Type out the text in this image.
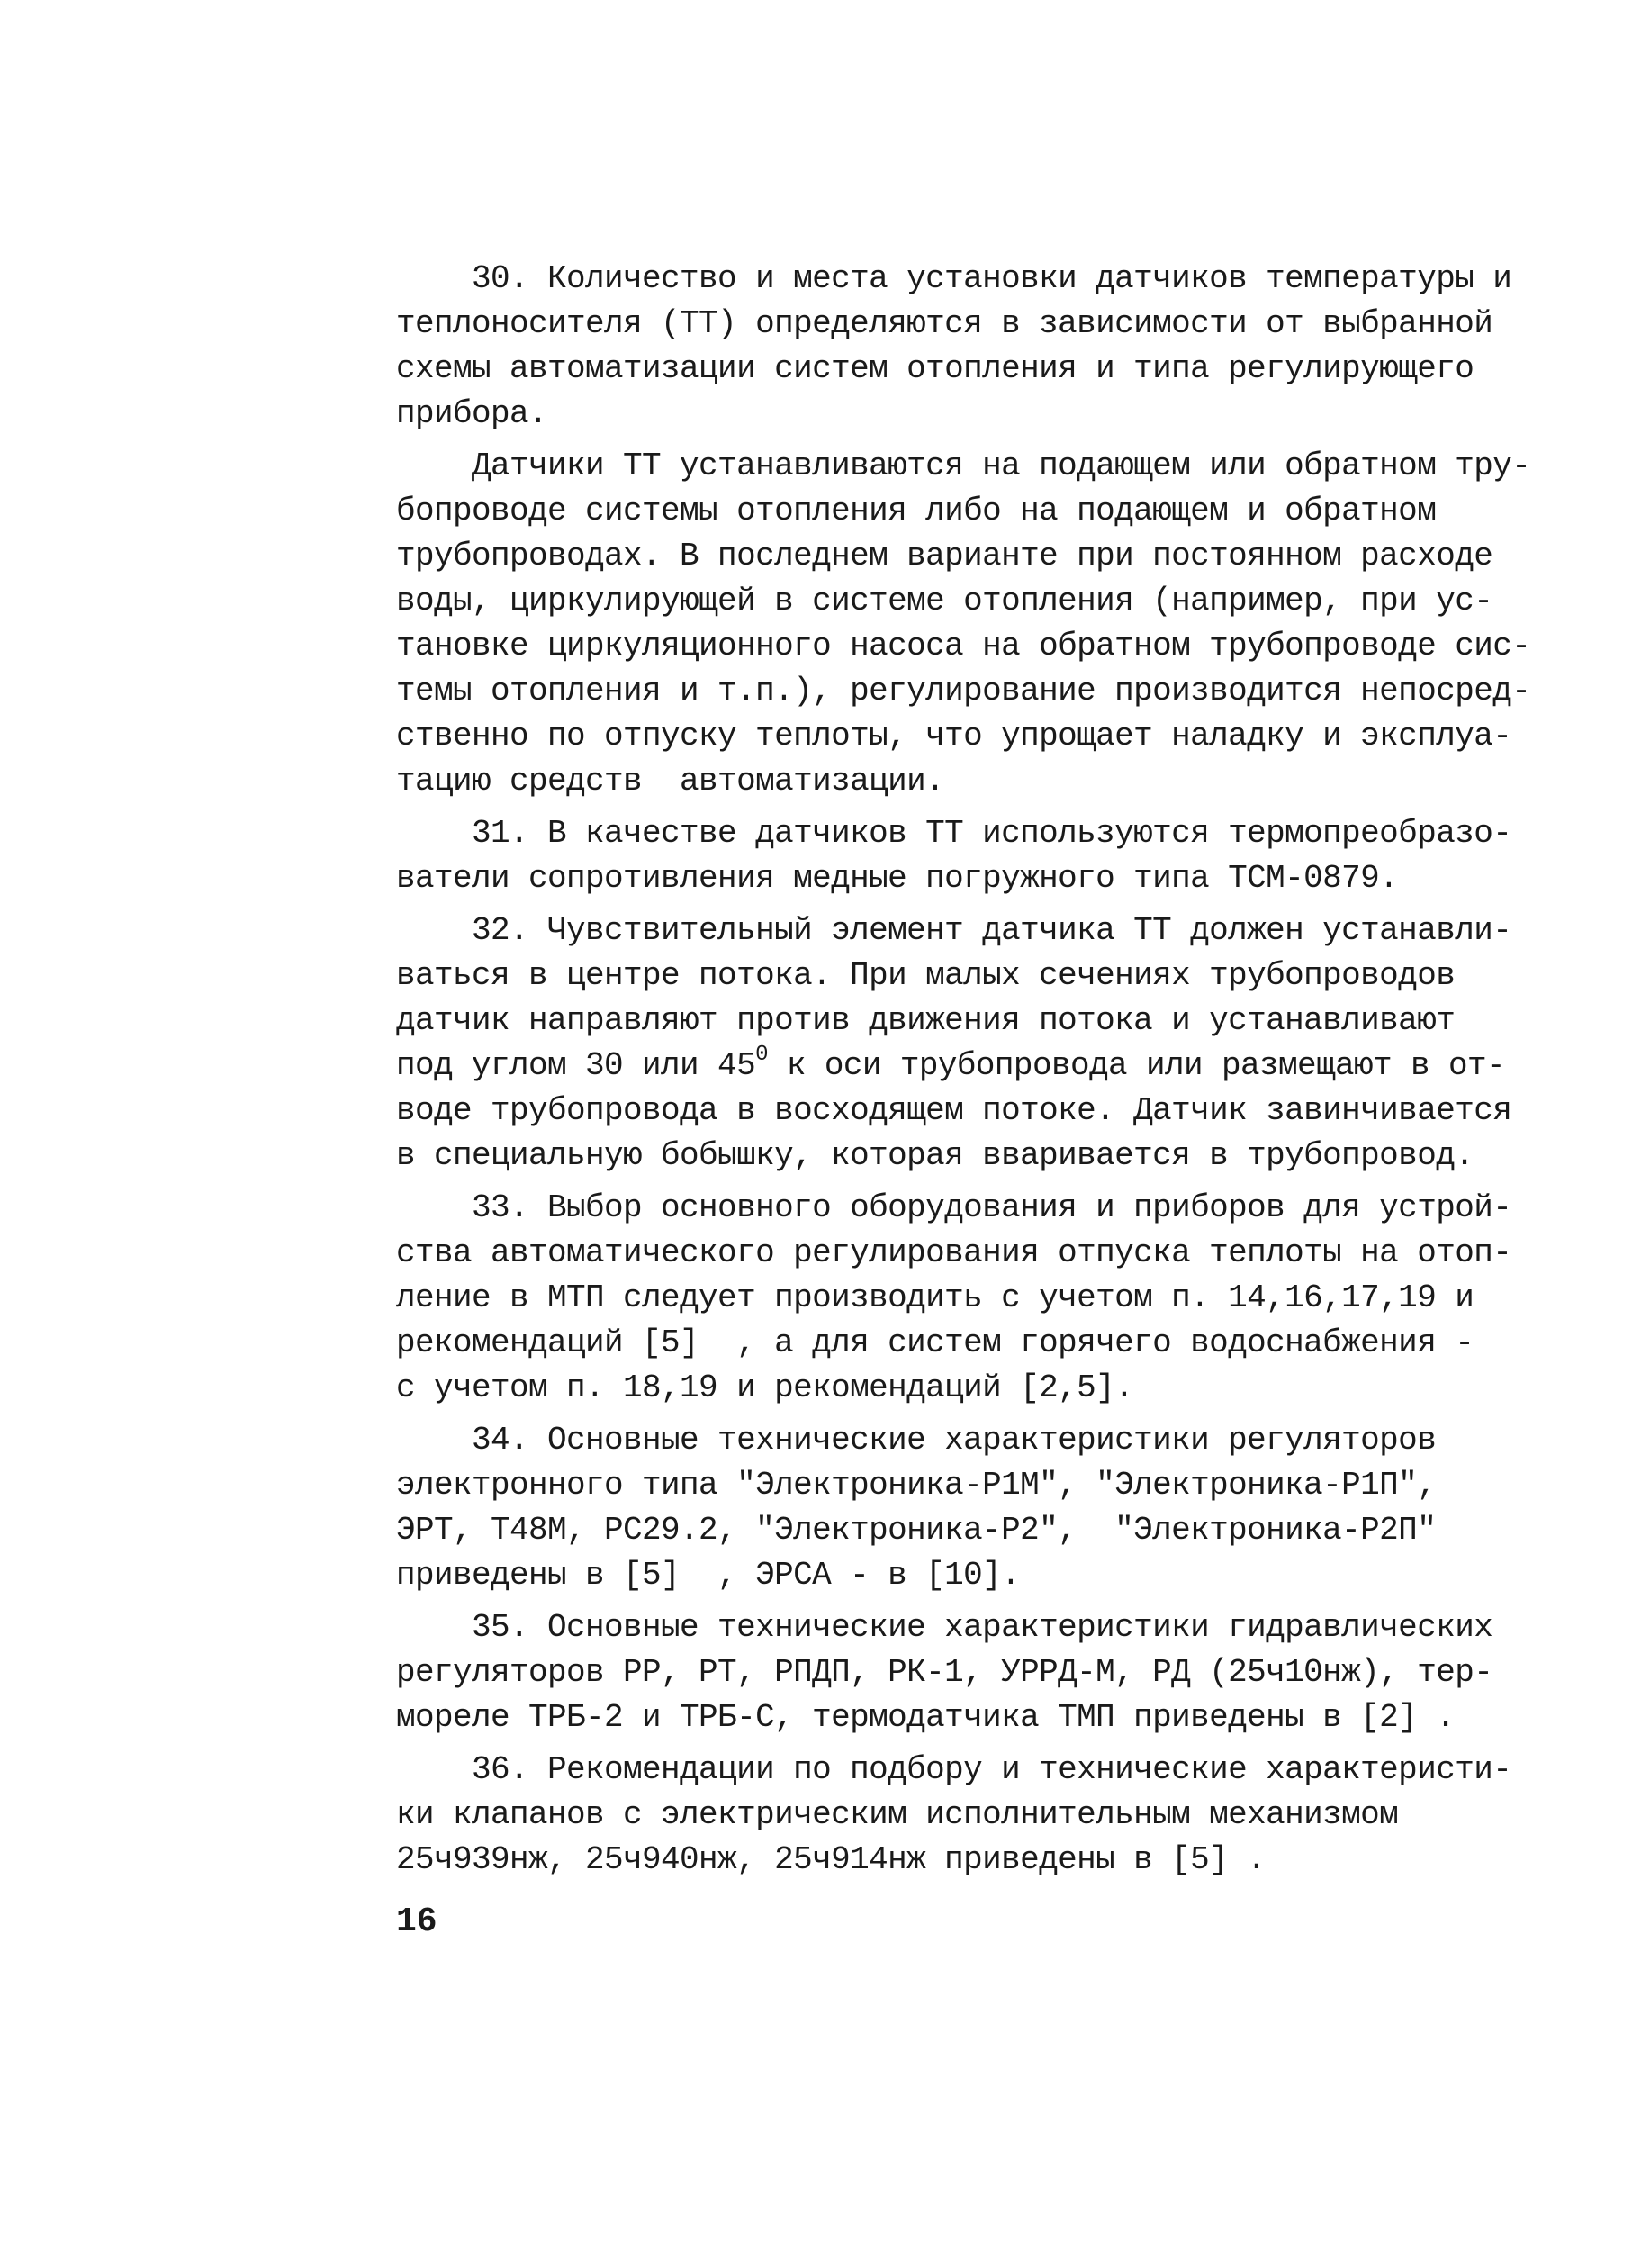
30. Количество и места установки датчиков температуры и
теплоносителя (ТТ) определяются в зависимости от выбранной
схемы автоматизации систем отопления и типа регулирующего
прибора.
Датчики ТТ устанавливаются на подающем или обратном тру-
бопроводе системы отопления либо на подающем и обратном
трубопроводах. В последнем варианте при постоянном расходе
воды, циркулирующей в системе отопления (например, при ус-
тановке циркуляционного насоса на обратном трубопроводе сис-
темы отопления и т.п.), регулирование производится непосред-
ственно по отпуску теплоты, что упрощает наладку и эксплуа-
тацию средств  автоматизации.
31. В качестве датчиков ТТ используются термопреобразо-
ватели сопротивления медные погружного типа ТСМ-0879.
32. Чувствительный элемент датчика ТТ должен устанавли-
ваться в центре потока. При малых сечениях трубопроводов
датчик направляют против движения потока и устанавливают
под углом 30 или $45^0$ к оси трубопровода или размещают в от-
воде трубопровода в восходящем потоке. Датчик завинчивается
в специальную бобышку, которая вваривается в трубопровод.
33. Выбор основного оборудования и приборов для устрой-
ства автоматического регулирования отпуска теплоты на отоп-
ление в МТП следует производить с учетом п. 14,16,17,19 и
рекомендаций [5]  , а для систем горячего водоснабжения -
с учетом п. 18,19 и рекомендаций [2,5].
34. Основные технические характеристики регуляторов
электронного типа "Электроника-Р1М", "Электроника-Р1П",
ЭРТ, Т48М, РС29.2, "Электроника-Р2",  "Электроника-Р2П"
приведены в [5]  , ЭРСА - в [10].
35. Основные технические характеристики гидравлических
регуляторов РР, РТ, РПДП, РК-1, УРРД-М, РД (25ч10нж), тер-
мореле ТРБ-2 и ТРБ-С, термодатчика ТМП приведены в [2] .
36. Рекомендации по подбору и технические характеристи-
ки клапанов с электрическим исполнительным механизмом
25ч939нж, 25ч940нж, 25ч914нж приведены в [5] .
16
